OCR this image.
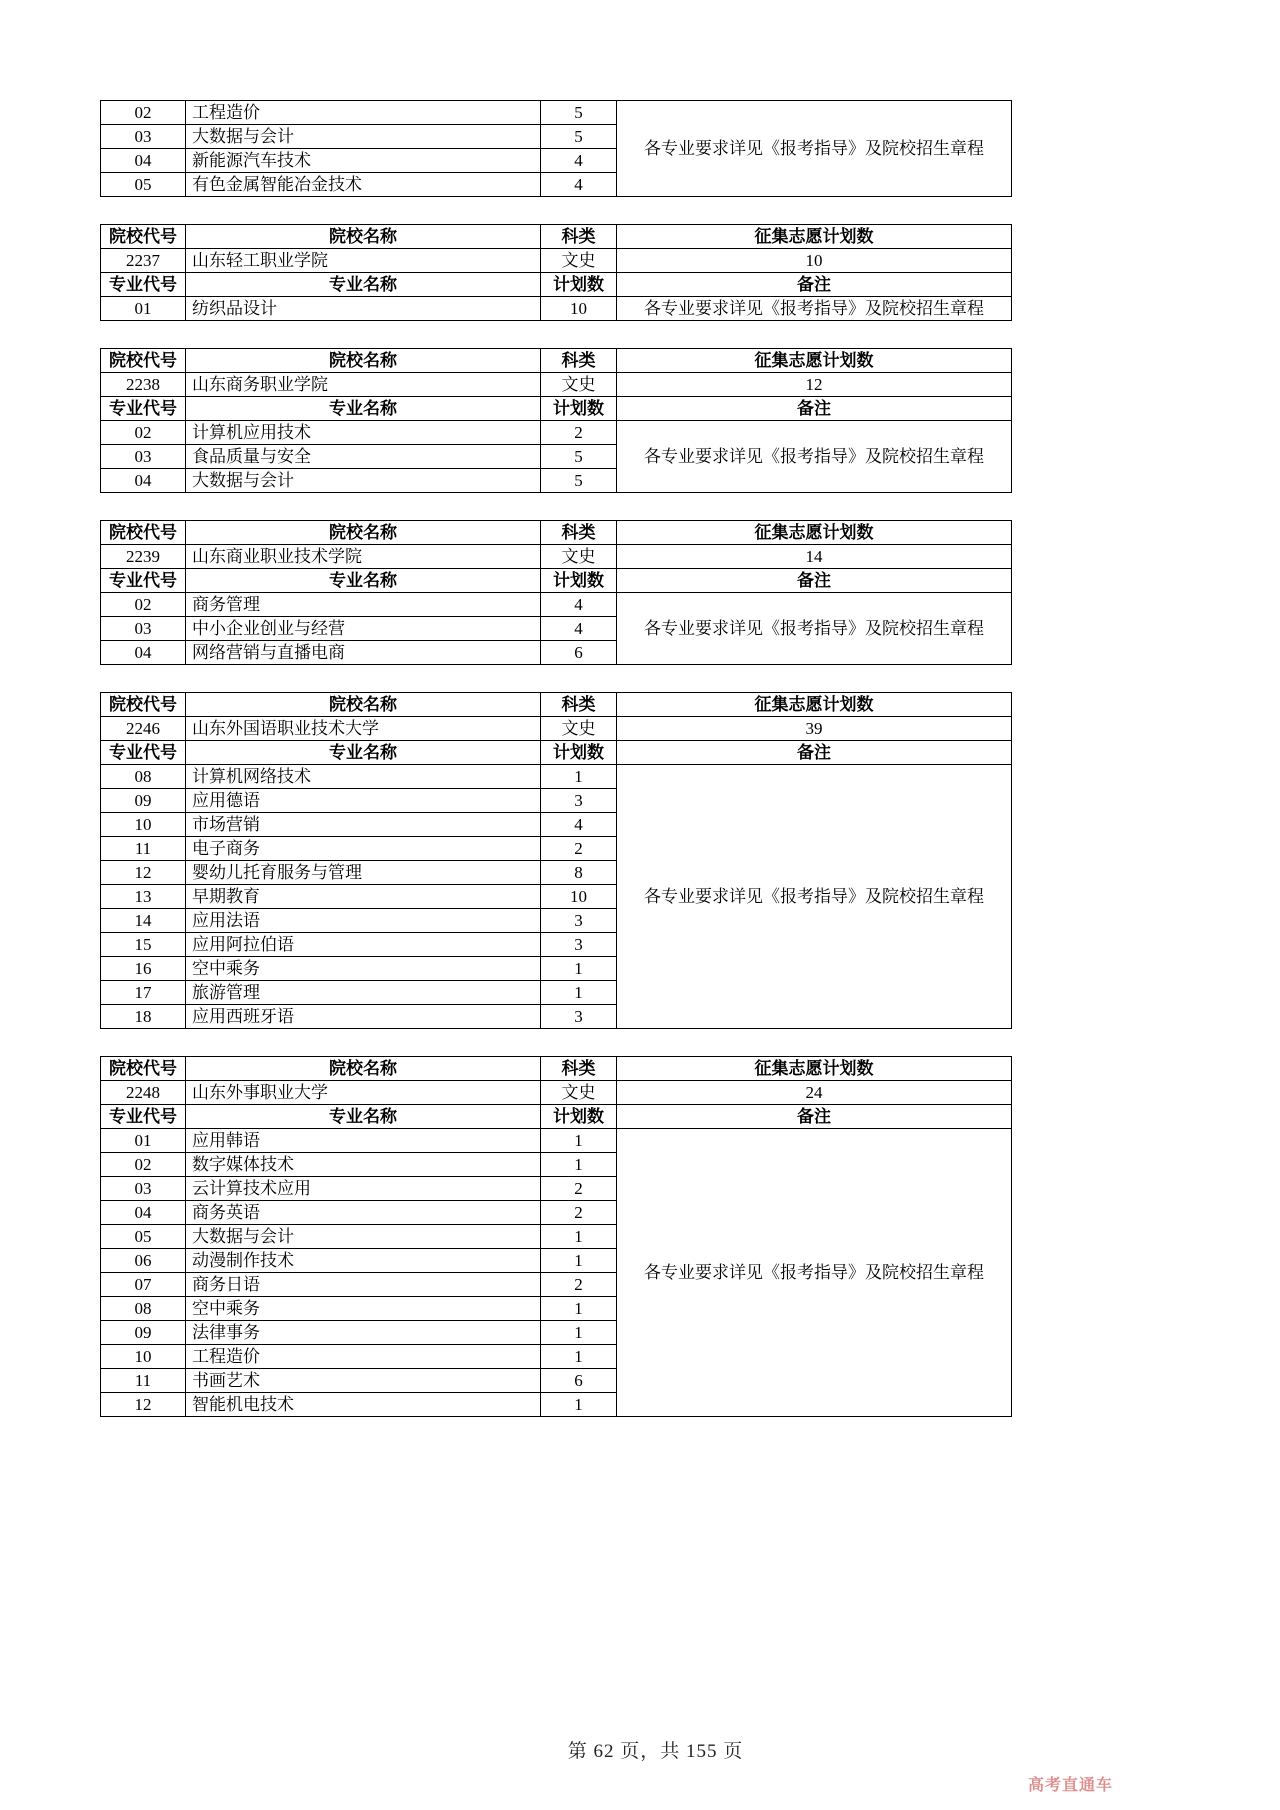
02	工程造价	5	各专业要求详见《报考指导》及院校招生章程
03	大数据与会计	5	
04	新能源汽车技术	4	
05	有色金属智能冶金技术	4	
院校代号	院校名称	科类	征集志愿计划数
2237	山东轻工职业学院	文史	10
专业代号	专业名称	计划数	备注
01	纺织品设计	10	各专业要求详见《报考指导》及院校招生章程
院校代号	院校名称	科类	征集志愿计划数
2238	山东商务职业学院	文史	12
专业代号	专业名称	计划数	备注
02	计算机应用技术	2	各专业要求详见《报考指导》及院校招生章程
03	食品质量与安全	5	
04	大数据与会计	5	
院校代号	院校名称	科类	征集志愿计划数
2239	山东商业职业技术学院	文史	14
专业代号	专业名称	计划数	备注
02	商务管理	4	各专业要求详见《报考指导》及院校招生章程
03	中小企业创业与经营	4	
04	网络营销与直播电商	6	
院校代号	院校名称	科类	征集志愿计划数
2246	山东外国语职业技术大学	文史	39
专业代号	专业名称	计划数	备注
08	计算机网络技术	1	各专业要求详见《报考指导》及院校招生章程
09	应用德语	3	
10	市场营销	4	
11	电子商务	2	
12	婴幼儿托育服务与管理	8	
13	早期教育	10	
14	应用法语	3	
15	应用阿拉伯语	3	
16	空中乘务	1	
17	旅游管理	1	
18	应用西班牙语	3	
院校代号	院校名称	科类	征集志愿计划数
2248	山东外事职业大学	文史	24
专业代号	专业名称	计划数	备注
01	应用韩语	1	各专业要求详见《报考指导》及院校招生章程
02	数字媒体技术	1	
03	云计算技术应用	2	
04	商务英语	2	
05	大数据与会计	1	
06	动漫制作技术	1	
07	商务日语	2	
08	空中乘务	1	
09	法律事务	1	
10	工程造价	1	
11	书画艺术	6	
12	智能机电技术	1	
第 62 页，共 155 页
高考直通车
